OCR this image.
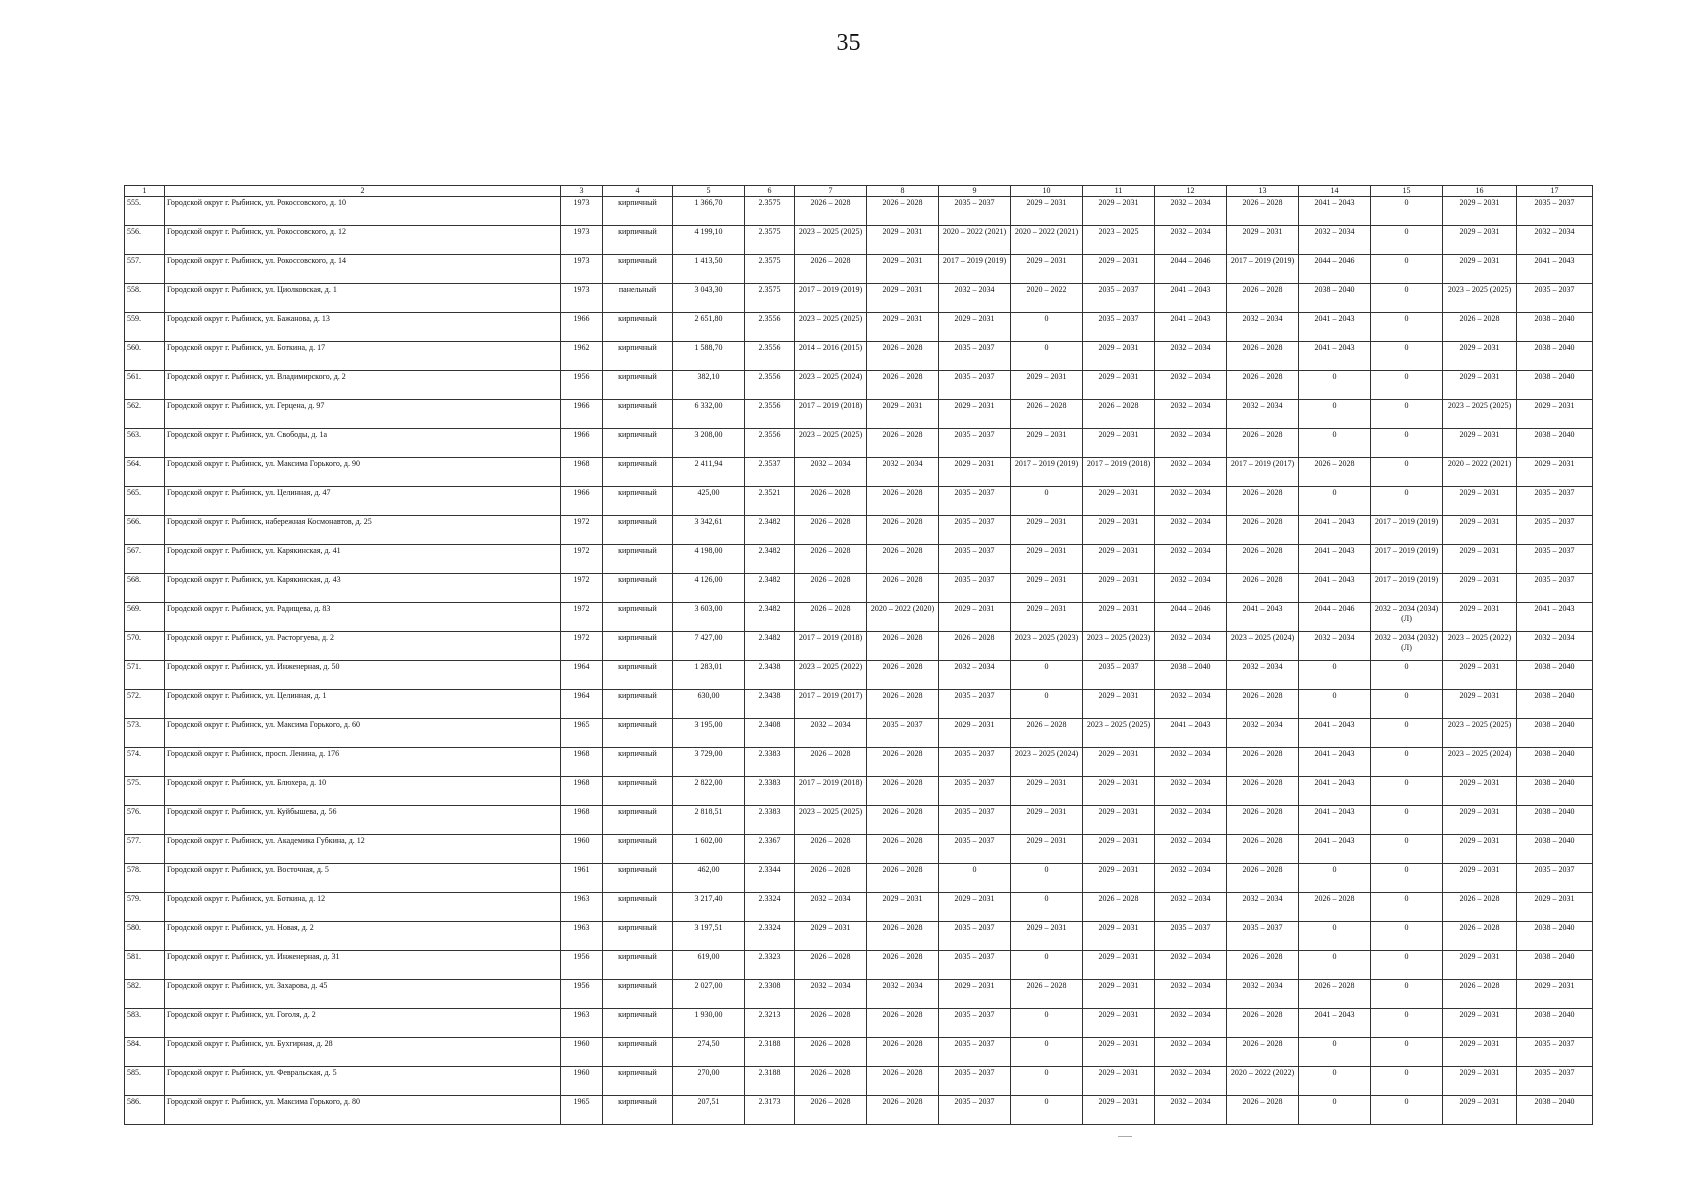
35
1	2	3	4	5	6	7	8	9	10	11	12	13	14	15	16	17
555.	Городской округ г. Рыбинск, ул. Рокоссовского, д. 10	1973	кирпичный	1 366,70	2.3575	2026 – 2028	2026 – 2028	2035 – 2037	2029 – 2031	2029 – 2031	2032 – 2034	2026 – 2028	2041 – 2043	0	2029 – 2031	2035 – 2037
556.	Городской округ г. Рыбинск, ул. Рокоссовского, д. 12	1973	кирпичный	4 199,10	2.3575	2023 – 2025 (2025)	2029 – 2031	2020 – 2022 (2021)	2020 – 2022 (2021)	2023 – 2025	2032 – 2034	2029 – 2031	2032 – 2034	0	2029 – 2031	2032 – 2034
557.	Городской округ г. Рыбинск, ул. Рокоссовского, д. 14	1973	кирпичный	1 413,50	2.3575	2026 – 2028	2029 – 2031	2017 – 2019 (2019)	2029 – 2031	2029 – 2031	2044 – 2046	2017 – 2019 (2019)	2044 – 2046	0	2029 – 2031	2041 – 2043
558.	Городской округ г. Рыбинск, ул. Циолковская, д. 1	1973	панельный	3 043,30	2.3575	2017 – 2019 (2019)	2029 – 2031	2032 – 2034	2020 – 2022	2035 – 2037	2041 – 2043	2026 – 2028	2038 – 2040	0	2023 – 2025 (2025)	2035 – 2037
559.	Городской округ г. Рыбинск, ул. Бажанова, д. 13	1966	кирпичный	2 651,80	2.3556	2023 – 2025 (2025)	2029 – 2031	2029 – 2031	0	2035 – 2037	2041 – 2043	2032 – 2034	2041 – 2043	0	2026 – 2028	2038 – 2040
560.	Городской округ г. Рыбинск, ул. Боткина, д. 17	1962	кирпичный	1 588,70	2.3556	2014 – 2016 (2015)	2026 – 2028	2035 – 2037	0	2029 – 2031	2032 – 2034	2026 – 2028	2041 – 2043	0	2029 – 2031	2038 – 2040
561.	Городской округ г. Рыбинск, ул. Владимирского, д. 2	1956	кирпичный	382,10	2.3556	2023 – 2025 (2024)	2026 – 2028	2035 – 2037	2029 – 2031	2029 – 2031	2032 – 2034	2026 – 2028	0	0	2029 – 2031	2038 – 2040
562.	Городской округ г. Рыбинск, ул. Герцена, д. 97	1966	кирпичный	6 332,00	2.3556	2017 – 2019 (2018)	2029 – 2031	2029 – 2031	2026 – 2028	2026 – 2028	2032 – 2034	2032 – 2034	0	0	2023 – 2025 (2025)	2029 – 2031
563.	Городской округ г. Рыбинск, ул. Свободы, д. 1а	1966	кирпичный	3 208,00	2.3556	2023 – 2025 (2025)	2026 – 2028	2035 – 2037	2029 – 2031	2029 – 2031	2032 – 2034	2026 – 2028	0	0	2029 – 2031	2038 – 2040
564.	Городской округ г. Рыбинск, ул. Максима Горького, д. 90	1968	кирпичный	2 411,94	2.3537	2032 – 2034	2032 – 2034	2029 – 2031	2017 – 2019 (2019)	2017 – 2019 (2018)	2032 – 2034	2017 – 2019 (2017)	2026 – 2028	0	2020 – 2022 (2021)	2029 – 2031
565.	Городской округ г. Рыбинск, ул. Целинная, д. 47	1966	кирпичный	425,00	2.3521	2026 – 2028	2026 – 2028	2035 – 2037	0	2029 – 2031	2032 – 2034	2026 – 2028	0	0	2029 – 2031	2035 – 2037
566.	Городской округ г. Рыбинск, набережная Космонавтов, д. 25	1972	кирпичный	3 342,61	2.3482	2026 – 2028	2026 – 2028	2035 – 2037	2029 – 2031	2029 – 2031	2032 – 2034	2026 – 2028	2041 – 2043	2017 – 2019 (2019)	2029 – 2031	2035 – 2037
567.	Городской округ г. Рыбинск, ул. Карякинская, д. 41	1972	кирпичный	4 198,00	2.3482	2026 – 2028	2026 – 2028	2035 – 2037	2029 – 2031	2029 – 2031	2032 – 2034	2026 – 2028	2041 – 2043	2017 – 2019 (2019)	2029 – 2031	2035 – 2037
568.	Городской округ г. Рыбинск, ул. Карякинская, д. 43	1972	кирпичный	4 126,00	2.3482	2026 – 2028	2026 – 2028	2035 – 2037	2029 – 2031	2029 – 2031	2032 – 2034	2026 – 2028	2041 – 2043	2017 – 2019 (2019)	2029 – 2031	2035 – 2037
569.	Городской округ г. Рыбинск, ул. Радищева, д. 83	1972	кирпичный	3 603,00	2.3482	2026 – 2028	2020 – 2022 (2020)	2029 – 2031	2029 – 2031	2029 – 2031	2044 – 2046	2041 – 2043	2044 – 2046	2032 – 2034 (2034) (Л)	2029 – 2031	2041 – 2043
570.	Городской округ г. Рыбинск, ул. Расторгуева, д. 2	1972	кирпичный	7 427,00	2.3482	2017 – 2019 (2018)	2026 – 2028	2026 – 2028	2023 – 2025 (2023)	2023 – 2025 (2023)	2032 – 2034	2023 – 2025 (2024)	2032 – 2034	2032 – 2034 (2032) (Л)	2023 – 2025 (2022)	2032 – 2034
571.	Городской округ г. Рыбинск, ул. Инженерная, д. 50	1964	кирпичный	1 283,01	2.3438	2023 – 2025 (2022)	2026 – 2028	2032 – 2034	0	2035 – 2037	2038 – 2040	2032 – 2034	0	0	2029 – 2031	2038 – 2040
572.	Городской округ г. Рыбинск, ул. Целинная, д. 1	1964	кирпичный	630,00	2.3438	2017 – 2019 (2017)	2026 – 2028	2035 – 2037	0	2029 – 2031	2032 – 2034	2026 – 2028	0	0	2029 – 2031	2038 – 2040
573.	Городской округ г. Рыбинск, ул. Максима Горького, д. 60	1965	кирпичный	3 195,00	2.3408	2032 – 2034	2035 – 2037	2029 – 2031	2026 – 2028	2023 – 2025 (2025)	2041 – 2043	2032 – 2034	2041 – 2043	0	2023 – 2025 (2025)	2038 – 2040
574.	Городской округ г. Рыбинск, просп. Ленина, д. 176	1968	кирпичный	3 729,00	2.3383	2026 – 2028	2026 – 2028	2035 – 2037	2023 – 2025 (2024)	2029 – 2031	2032 – 2034	2026 – 2028	2041 – 2043	0	2023 – 2025 (2024)	2038 – 2040
575.	Городской округ г. Рыбинск, ул. Блюхера, д. 10	1968	кирпичный	2 822,00	2.3383	2017 – 2019 (2018)	2026 – 2028	2035 – 2037	2029 – 2031	2029 – 2031	2032 – 2034	2026 – 2028	2041 – 2043	0	2029 – 2031	2038 – 2040
576.	Городской округ г. Рыбинск, ул. Куйбышева, д. 56	1968	кирпичный	2 818,51	2.3383	2023 – 2025 (2025)	2026 – 2028	2035 – 2037	2029 – 2031	2029 – 2031	2032 – 2034	2026 – 2028	2041 – 2043	0	2029 – 2031	2038 – 2040
577.	Городской округ г. Рыбинск, ул. Академика Губкина, д. 12	1960	кирпичный	1 602,00	2.3367	2026 – 2028	2026 – 2028	2035 – 2037	2029 – 2031	2029 – 2031	2032 – 2034	2026 – 2028	2041 – 2043	0	2029 – 2031	2038 – 2040
578.	Городской округ г. Рыбинск, ул. Восточная, д. 5	1961	кирпичный	462,00	2.3344	2026 – 2028	2026 – 2028	0	0	2029 – 2031	2032 – 2034	2026 – 2028	0	0	2029 – 2031	2035 – 2037
579.	Городской округ г. Рыбинск, ул. Боткина, д. 12	1963	кирпичный	3 217,40	2.3324	2032 – 2034	2029 – 2031	2029 – 2031	0	2026 – 2028	2032 – 2034	2032 – 2034	2026 – 2028	0	2026 – 2028	2029 – 2031
580.	Городской округ г. Рыбинск, ул. Новая, д. 2	1963	кирпичный	3 197,51	2.3324	2029 – 2031	2026 – 2028	2035 – 2037	2029 – 2031	2029 – 2031	2035 – 2037	2035 – 2037	0	0	2026 – 2028	2038 – 2040
581.	Городской округ г. Рыбинск, ул. Инженерная, д. 31	1956	кирпичный	619,00	2.3323	2026 – 2028	2026 – 2028	2035 – 2037	0	2029 – 2031	2032 – 2034	2026 – 2028	0	0	2029 – 2031	2038 – 2040
582.	Городской округ г. Рыбинск, ул. Захарова, д. 45	1956	кирпичный	2 027,00	2.3308	2032 – 2034	2032 – 2034	2029 – 2031	2026 – 2028	2029 – 2031	2032 – 2034	2032 – 2034	2026 – 2028	0	2026 – 2028	2029 – 2031
583.	Городской округ г. Рыбинск, ул. Гоголя, д. 2	1963	кирпичный	1 930,00	2.3213	2026 – 2028	2026 – 2028	2035 – 2037	0	2029 – 2031	2032 – 2034	2026 – 2028	2041 – 2043	0	2029 – 2031	2038 – 2040
584.	Городской округ г. Рыбинск, ул. Бухгирная, д. 28	1960	кирпичный	274,50	2.3188	2026 – 2028	2026 – 2028	2035 – 2037	0	2029 – 2031	2032 – 2034	2026 – 2028	0	0	2029 – 2031	2035 – 2037
585.	Городской округ г. Рыбинск, ул. Февральская, д. 5	1960	кирпичный	270,00	2.3188	2026 – 2028	2026 – 2028	2035 – 2037	0	2029 – 2031	2032 – 2034	2020 – 2022 (2022)	0	0	2029 – 2031	2035 – 2037
586.	Городской округ г. Рыбинск, ул. Максима Горького, д. 80	1965	кирпичный	207,51	2.3173	2026 – 2028	2026 – 2028	2035 – 2037	0	2029 – 2031	2032 – 2034	2026 – 2028	0	0	2029 – 2031	2038 – 2040
